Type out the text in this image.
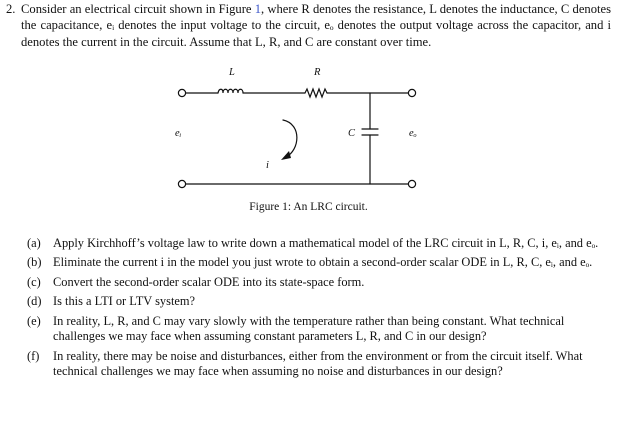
2. Consider an electrical circuit shown in Figure 1, where R denotes the resistance, L denotes the inductance, C denotes the capacitance, eᵢ denotes the input voltage to the circuit, eₒ denotes the output voltage across the capacitor, and i denotes the current in the circuit. Assume that L, R, and C are constant over time.
L	R
C
eᵢ	eₒ
i
Figure 1: An LRC circuit.
(a) Apply Kirchhoff’s voltage law to write down a mathematical model of the LRC circuit in L, R, C, i, eᵢ, and eₒ.
(b) Eliminate the current i in the model you just wrote to obtain a second-order scalar ODE in L, R, C, eᵢ, and eₒ.
(c) Convert the second-order scalar ODE into its state-space form.
(d) Is this a LTI or LTV system?
(e) In reality, L, R, and C may vary slowly with the temperature rather than being constant. What technical challenges we may face when assuming constant parameters L, R, and C in our design?
(f) In reality, there may be noise and disturbances, either from the environment or from the circuit itself. What technical challenges we may face when assuming no noise and disturbances in our design?
